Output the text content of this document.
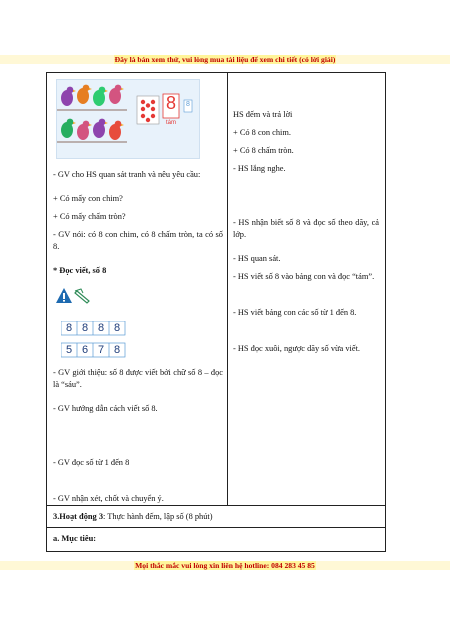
Đây là bản xem thử, vui lòng mua tài liệu để xem chi tiết (có lời giải)
8
tám
8
- GV cho HS quan sát tranh và nêu yêu cầu:
+ Có mấy con chim?
+ Có mấy chấm tròn?
- GV nói: có 8 con chim, có 8 chấm tròn, ta có số 8.
* Đọc viết, số 8
8 8 8 8
5 6 7 8
- GV giới thiệu: số 8 được viết bởi chữ số 8 – đọc là “sáu”.
- GV hướng dẫn cách viết số 8.
- GV đọc số từ 1 đến 8
- GV nhận xét, chốt và chuyển ý.
HS đếm và trả lời
+ Có 8 con chim.
+ Có 8 chấm tròn.
- HS lắng nghe.
- HS nhận biết số 8 và đọc số theo dãy, cả lớp.
- HS quan sát.
- HS viết số 8 vào bảng con và đọc “tám”.
- HS viết bảng con các số từ 1 đến 8.
- HS đọc xuôi, ngược dãy số vừa viết.
3.Hoạt động 3: Thực hành đếm, lập số (8 phút)
a. Mục tiêu:
Mọi thắc mắc vui lòng xin liên hệ hotline: 084 283 45 85
